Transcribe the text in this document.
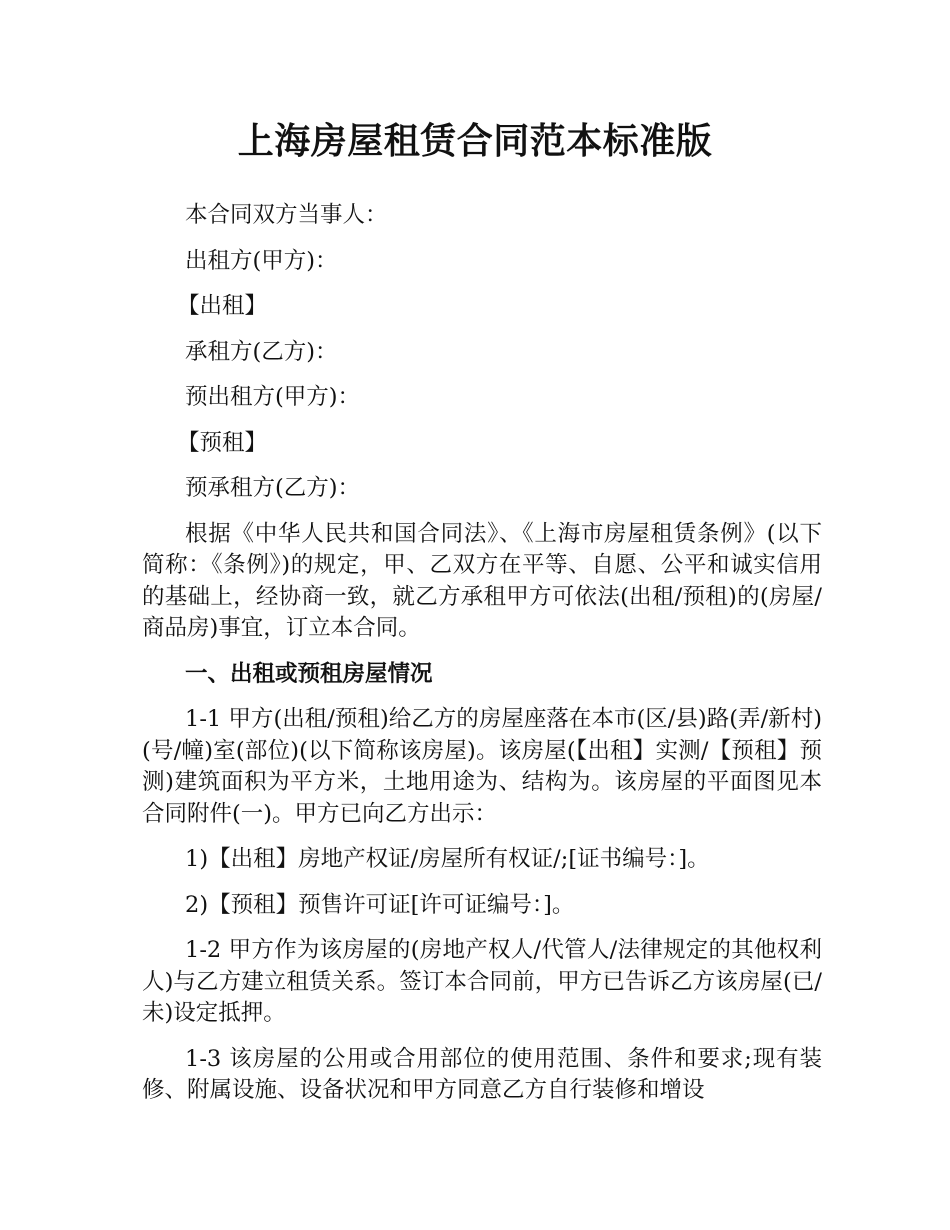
上海房屋租赁合同范本标准版

本合同双方当事人：

出租方(甲方)：

【出租】

承租方(乙方)：

预出租方(甲方)：

【预租】

预承租方(乙方)：

根据《中华人民共和国合同法》、《上海市房屋租赁条例》(以下简称：《条例》)的规定，甲、乙双方在平等、自愿、公平和诚实信用的基础上，经协商一致，就乙方承租甲方可依法(出租/预租)的(房屋/商品房)事宜，订立本合同。

一、出租或预租房屋情况

1-1 甲方(出租/预租)给乙方的房屋座落在本市(区/县)路(弄/新村)(号/幢)室(部位)(以下简称该房屋)。该房屋(【出租】实测/【预租】预测)建筑面积为平方米，土地用途为、结构为。该房屋的平面图见本合同附件(一)。甲方已向乙方出示：

1)【出租】房地产权证/房屋所有权证/;[证书编号：]。

2)【预租】预售许可证[许可证编号：]。

1-2 甲方作为该房屋的(房地产权人/代管人/法律规定的其他权利人)与乙方建立租赁关系。签订本合同前，甲方已告诉乙方该房屋(已/未)设定抵押。

1-3 该房屋的公用或合用部位的使用范围、条件和要求;现有装修、附属设施、设备状况和甲方同意乙方自行装修和增设
